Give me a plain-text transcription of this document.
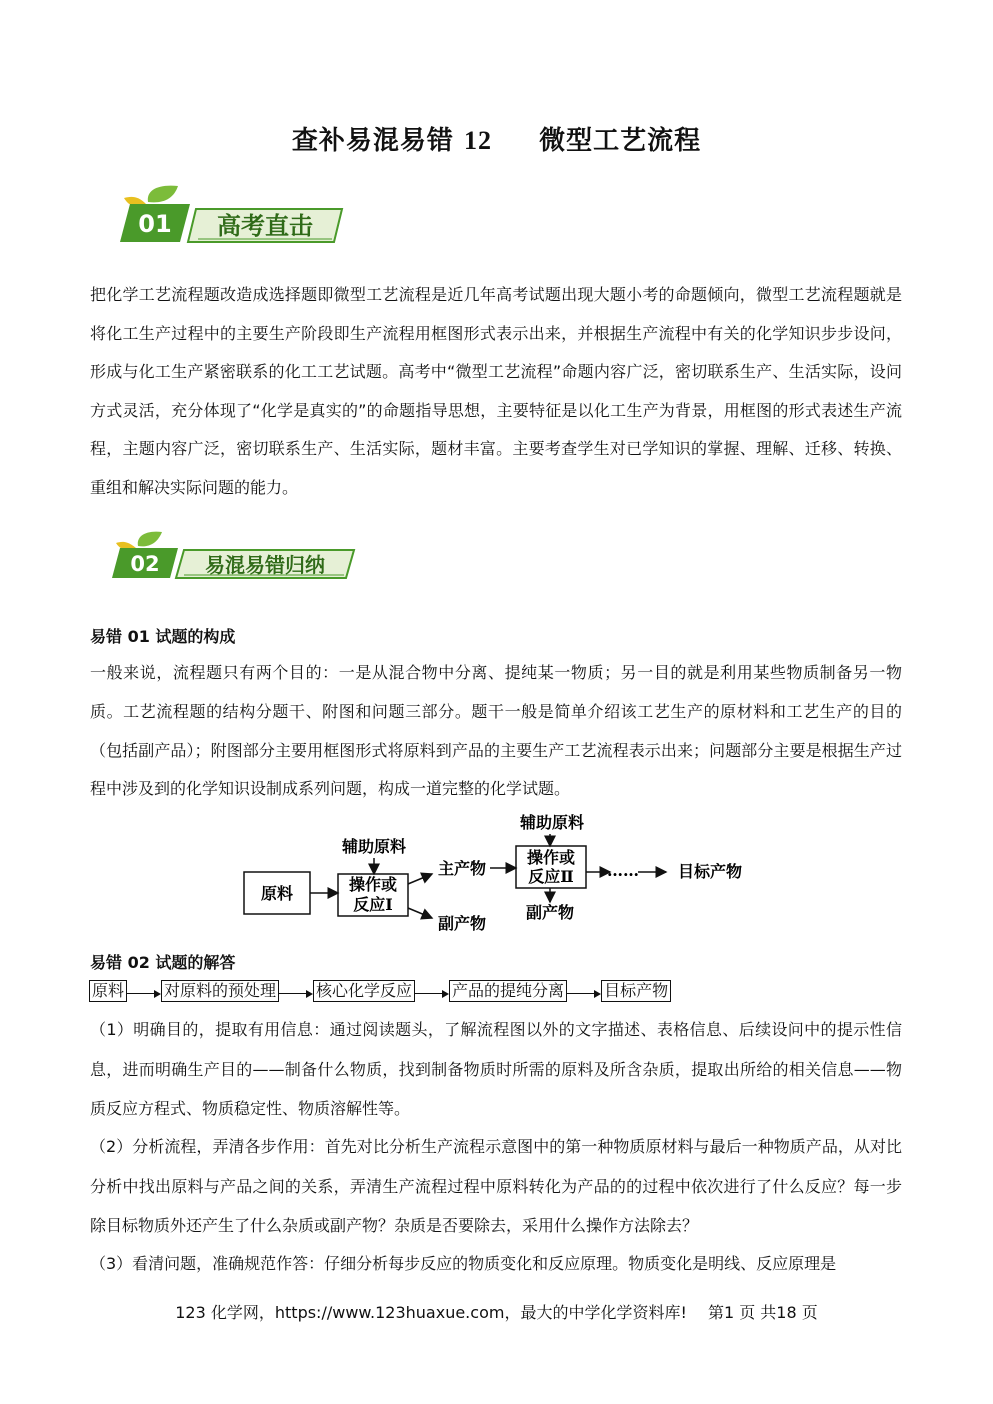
查补易混易错 12 　 微型工艺流程
01 高考直击
把化学工艺流程题改造成选择题即微型工艺流程是近几年高考试题出现大题小考的命题倾向，微型工艺流程题就是将化工生产过程中的主要生产阶段即生产流程用框图形式表示出来，并根据生产流程中有关的化学知识步步设问，形成与化工生产紧密联系的化工工艺试题。高考中“微型工艺流程”命题内容广泛，密切联系生产、生活实际，设问方式灵活，充分体现了“化学是真实的”的命题指导思想，主要特征是以化工生产为背景，用框图的形式表述生产流程，主题内容广泛，密切联系生产、生活实际，题材丰富。主要考查学生对已学知识的掌握、理解、迁移、转换、重组和解决实际问题的能力。
02 易混易错归纳
易错 01 试题的构成
一般来说，流程题只有两个目的：一是从混合物中分离、提纯某一物质；另一目的就是利用某些物质制备另一物质。工艺流程题的结构分题干、附图和问题三部分。题干一般是简单介绍该工艺生产的原材料和工艺生产的目的（包括副产品）；附图部分主要用框图形式将原料到产品的主要生产工艺流程表示出来；问题部分主要是根据生产过程中涉及到的化学知识设制成系列问题，构成一道完整的化学试题。
原料
辅助原料
操作或
反应Ⅰ
主产物
副产物
辅助原料
操作或
反应Ⅱ
副产物
…… 目标产物
易错 02 试题的解答
原料	对原料的预处理	核心化学反应	产品的提纯分离	目标产物
（1）明确目的，提取有用信息：通过阅读题头，了解流程图以外的文字描述、表格信息、后续设问中的提示性信息，进而明确生产目的——制备什么物质，找到制备物质时所需的原料及所含杂质，提取出所给的相关信息——物质反应方程式、物质稳定性、物质溶解性等。
（2）分析流程，弄清各步作用：首先对比分析生产流程示意图中的第一种物质原材料与最后一种物质产品，从对比分析中找出原料与产品之间的关系，弄清生产流程过程中原料转化为产品的的过程中依次进行了什么反应？每一步除目标物质外还产生了什么杂质或副产物？杂质是否要除去，采用什么操作方法除去？
（3）看清问题，准确规范作答：仔细分析每步反应的物质变化和反应原理。物质变化是明线、反应原理是
123 化学网，https://www.123huaxue.com，最大的中学化学资料库!　 第1 页 共18 页
